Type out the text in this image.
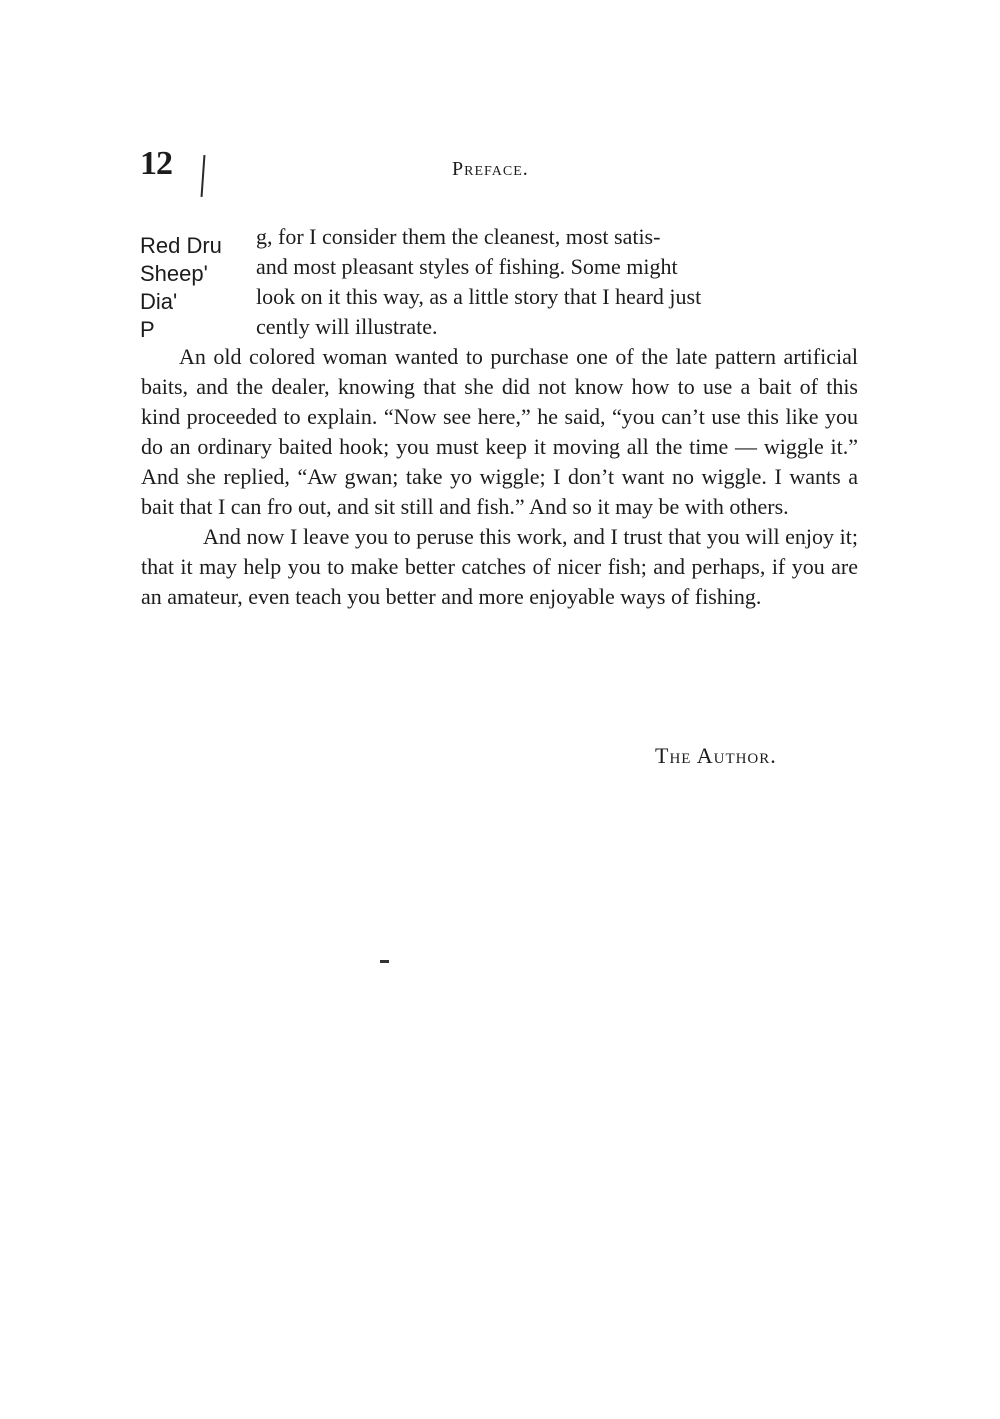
12	Preface.
Red Dru
Sheep'
Dia'
P

g, for I consider them the cleanest, most satis-
and most pleasant styles of fishing. Some might
look on it this way, as a little story that I heard just
cently will illustrate.

An old colored woman wanted to purchase one of the late pattern artificial baits, and the dealer, knowing that she did not know how to use a bait of this kind proceeded to explain. “Now see here,” he said, “you can’t use this like you do an ordinary baited hook; you must keep it moving all the time — wiggle it.” And she replied, “Aw gwan; take yo wiggle; I don’t want no wiggle. I wants a bait that I can fro out, and sit still and fish.” And so it may be with others.

And now I leave you to peruse this work, and I trust that you will enjoy it; that it may help you to make better catches of nicer fish; and perhaps, if you are an amateur, even teach you better and more enjoyable ways of fishing.

The Author.
